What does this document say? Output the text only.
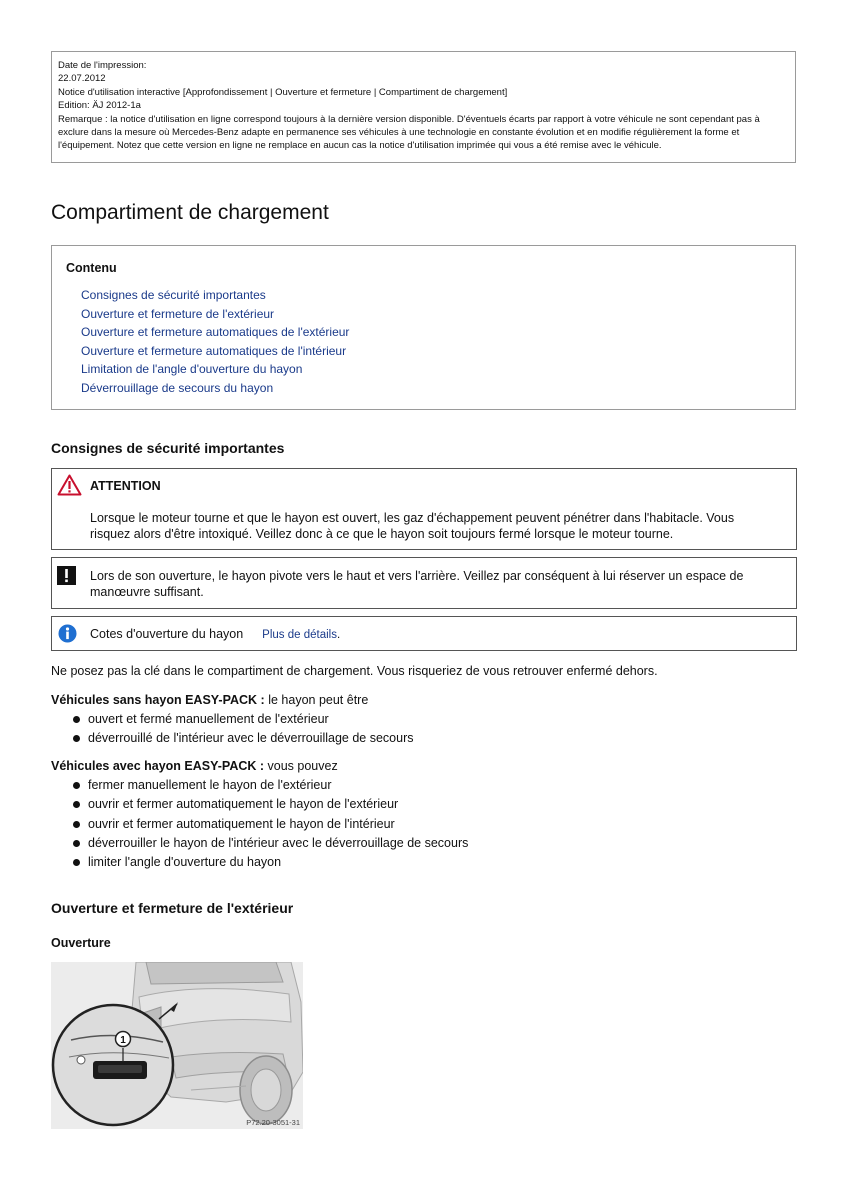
Date de l'impression:
22.07.2012
Notice d'utilisation interactive [Approfondissement | Ouverture et fermeture | Compartiment de chargement]
Edition: ÄJ 2012-1a
Remarque : la notice d'utilisation en ligne correspond toujours à la dernière version disponible. D'éventuels écarts par rapport à votre véhicule ne sont cependant pas à exclure dans la mesure où Mercedes-Benz adapte en permanence ses véhicules à une technologie en constante évolution et en modifie régulièrement la forme et l'équipement. Notez que cette version en ligne ne remplace en aucun cas la notice d'utilisation imprimée qui vous a été remise avec le véhicule.
Compartiment de chargement
Contenu
Consignes de sécurité importantes
Ouverture et fermeture de l'extérieur
Ouverture et fermeture automatiques de l'extérieur
Ouverture et fermeture automatiques de l'intérieur
Limitation de l'angle d'ouverture du hayon
Déverrouillage de secours du hayon
Consignes de sécurité importantes
ATTENTION
Lorsque le moteur tourne et que le hayon est ouvert, les gaz d'échappement peuvent pénétrer dans l'habitacle. Vous risquez alors d'être intoxiqué. Veillez donc à ce que le hayon soit toujours fermé lorsque le moteur tourne.
Lors de son ouverture, le hayon pivote vers le haut et vers l'arrière. Veillez par conséquent à lui réserver un espace de manœuvre suffisant.
Cotes d'ouverture du hayon Plus de détails.

Ne posez pas la clé dans le compartiment de chargement. Vous risqueriez de vous retrouver enfermé dehors.

Véhicules sans hayon EASY-PACK : le hayon peut être

ouvert et fermé manuellement de l'extérieur
déverrouillé de l'intérieur avec le déverrouillage de secours

Véhicules avec hayon EASY-PACK : vous pouvez

fermer manuellement le hayon de l'extérieur
ouvrir et fermer automatiquement le hayon de l'extérieur
ouvrir et fermer automatiquement le hayon de l'intérieur
déverrouiller le hayon de l'intérieur avec le déverrouillage de secours
limiter l'angle d'ouverture du hayon
Ouverture et fermeture de l'extérieur
Ouverture
1
P72.20-3051-31
